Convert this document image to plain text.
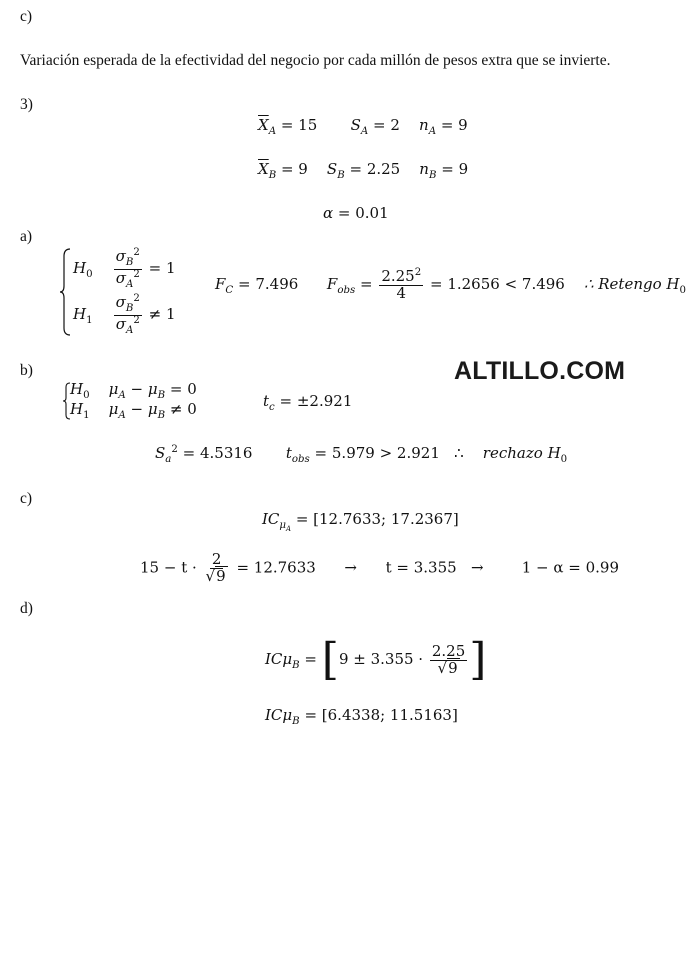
c)
Variación esperada de la efectividad del negocio por cada millón de pesos extra que se invierte.
3)
$\overline{X}_A = 15$ $S_A = 2$ $n_A = 9$
$\overline{X}_B = 9$ $S_B = 2.25$ $n_B = 9$
α = 0.01
a)
$H_0 \frac{\sigma_B^2}{\sigma_A^2} = 1$
$H_1 \frac{\sigma_B^2}{\sigma_A^2} \ne 1$
$F_C = 7.496$ $F_{obs} = \frac{2.25^2}{4} = 1.2656 < 7.496$ ∴ Retengo $H_0$
b)	ALTILLO.COM
$H_0$ $\mu_A - \mu_B = 0$
$H_1$ $\mu_A - \mu_B \ne 0$	$t_c = \pm 2.921$
$S_a^2 = 4.5316$ $t_{obs} = 5.979 > 2.921$   ∴    rechazo $H_0$
c)
$IC_{\mu_A} = [12.7633$; 17.2367]
$15 - t \cdot \frac{2}{√9} = 12.7633 \to t = 3.355$ →	1 − α = 0.99
d)
$IC\mu_B = [9 \pm 3.355 \cdot \frac{2.25}{√9}$ ]
ICμ$_B$ = [6.4338; 11.5163]
